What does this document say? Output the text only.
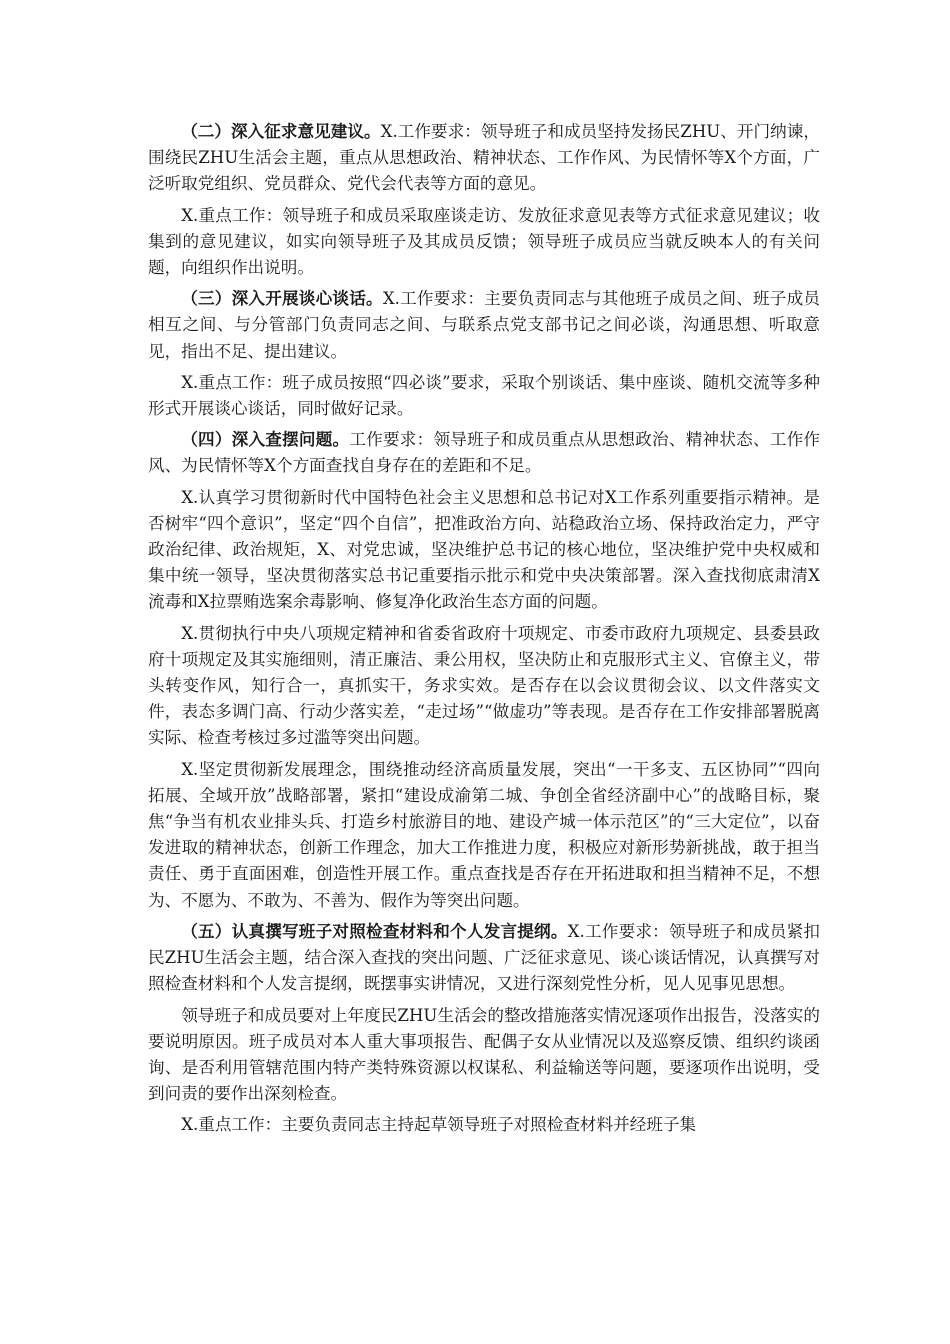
（二）深入征求意见建议。X.工作要求：领导班子和成员坚持发扬民ZHU、开门纳谏，围绕民ZHU生活会主题，重点从思想政治、精神状态、工作作风、为民情怀等X个方面，广泛听取党组织、党员群众、党代会代表等方面的意见。

X.重点工作：领导班子和成员采取座谈走访、发放征求意见表等方式征求意见建议；收集到的意见建议，如实向领导班子及其成员反馈；领导班子成员应当就反映本人的有关问题，向组织作出说明。

（三）深入开展谈心谈话。X.工作要求：主要负责同志与其他班子成员之间、班子成员相互之间、与分管部门负责同志之间、与联系点党支部书记之间必谈，沟通思想、听取意见，指出不足、提出建议。

X.重点工作：班子成员按照“四必谈”要求，采取个别谈话、集中座谈、随机交流等多种形式开展谈心谈话，同时做好记录。

（四）深入查摆问题。工作要求：领导班子和成员重点从思想政治、精神状态、工作作风、为民情怀等X个方面查找自身存在的差距和不足。

X.认真学习贯彻新时代中国特色社会主义思想和总书记对X工作系列重要指示精神。是否树牢“四个意识”，坚定“四个自信”，把准政治方向、站稳政治立场、保持政治定力，严守政治纪律、政治规矩，X、对党忠诚，坚决维护总书记的核心地位，坚决维护党中央权威和集中统一领导，坚决贯彻落实总书记重要指示批示和党中央决策部署。深入查找彻底肃清X流毒和X拉票贿选案余毒影响、修复净化政治生态方面的问题。

X.贯彻执行中央八项规定精神和省委省政府十项规定、市委市政府九项规定、县委县政府十项规定及其实施细则，清正廉洁、秉公用权，坚决防止和克服形式主义、官僚主义，带头转变作风，知行合一，真抓实干，务求实效。是否存在以会议贯彻会议、以文件落实文件，表态多调门高、行动少落实差，“走过场”“做虚功”等表现。是否存在工作安排部署脱离实际、检查考核过多过滥等突出问题。

X.坚定贯彻新发展理念，围绕推动经济高质量发展，突出“一干多支、五区协同”“四向拓展、全域开放”战略部署，紧扣“建设成渝第二城、争创全省经济副中心”的战略目标，聚焦“争当有机农业排头兵、打造乡村旅游目的地、建设产城一体示范区”的“三大定位”，以奋发进取的精神状态，创新工作理念，加大工作推进力度，积极应对新形势新挑战，敢于担当责任、勇于直面困难，创造性开展工作。重点查找是否存在开拓进取和担当精神不足，不想为、不愿为、不敢为、不善为、假作为等突出问题。

（五）认真撰写班子对照检查材料和个人发言提纲。X.工作要求：领导班子和成员紧扣民ZHU生活会主题，结合深入查找的突出问题、广泛征求意见、谈心谈话情况，认真撰写对照检查材料和个人发言提纲，既摆事实讲情况，又进行深刻党性分析，见人见事见思想。

领导班子和成员要对上年度民ZHU生活会的整改措施落实情况逐项作出报告，没落实的要说明原因。班子成员对本人重大事项报告、配偶子女从业情况以及巡察反馈、组织约谈函询、是否利用管辖范围内特产类特殊资源以权谋私、利益输送等问题，要逐项作出说明，受到问责的要作出深刻检查。

X.重点工作：主要负责同志主持起草领导班子对照检查材料并经班子集
